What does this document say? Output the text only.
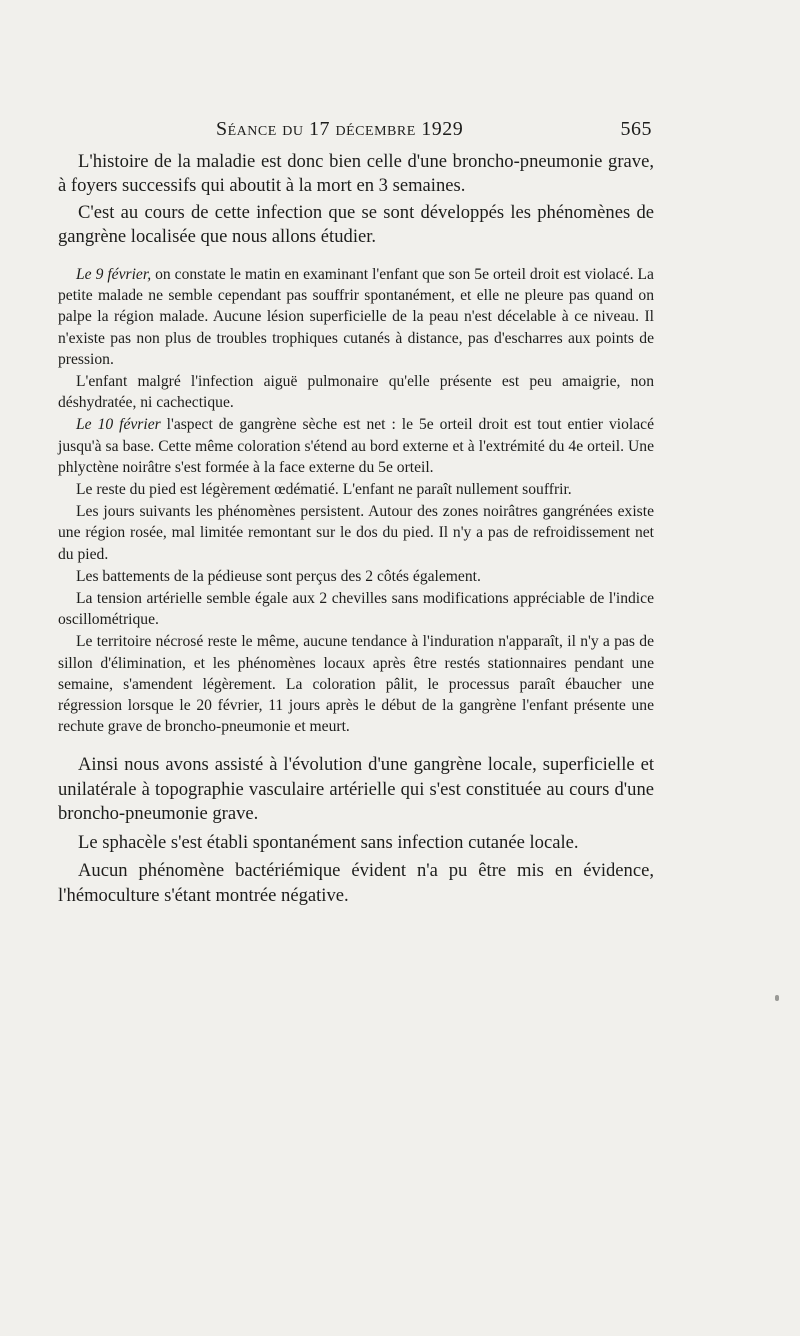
Séance du 17 décembre 1929	565

L'histoire de la maladie est donc bien celle d'une broncho-pneumonie grave, à foyers successifs qui aboutit à la mort en 3 semaines.

C'est au cours de cette infection que se sont développés les phénomènes de gangrène localisée que nous allons étudier.

Le 9 février, on constate le matin en examinant l'enfant que son 5e orteil droit est violacé. La petite malade ne semble cependant pas souffrir spontanément, et elle ne pleure pas quand on palpe la région malade. Aucune lésion superficielle de la peau n'est décelable à ce niveau. Il n'existe pas non plus de troubles trophiques cutanés à distance, pas d'escharres aux points de pression.

L'enfant malgré l'infection aiguë pulmonaire qu'elle présente est peu amaigrie, non déshydratée, ni cachectique.

Le 10 février l'aspect de gangrène sèche est net : le 5e orteil droit est tout entier violacé jusqu'à sa base. Cette même coloration s'étend au bord externe et à l'extrémité du 4e orteil. Une phlyctène noirâtre s'est formée à la face externe du 5e orteil.

Le reste du pied est légèrement œdématié. L'enfant ne paraît nullement souffrir.

Les jours suivants les phénomènes persistent. Autour des zones noirâtres gangrénées existe une région rosée, mal limitée remontant sur le dos du pied. Il n'y a pas de refroidissement net du pied.

Les battements de la pédieuse sont perçus des 2 côtés également.

La tension artérielle semble égale aux 2 chevilles sans modifications appréciable de l'indice oscillométrique.

Le territoire nécrosé reste le même, aucune tendance à l'induration n'apparaît, il n'y a pas de sillon d'élimination, et les phénomènes locaux après être restés stationnaires pendant une semaine, s'amendent légèrement. La coloration pâlit, le processus paraît ébaucher une régression lorsque le 20 février, 11 jours après le début de la gangrène l'enfant présente une rechute grave de broncho-pneumonie et meurt.

Ainsi nous avons assisté à l'évolution d'une gangrène locale, superficielle et unilatérale à topographie vasculaire artérielle qui s'est constituée au cours d'une broncho-pneumonie grave.

Le sphacèle s'est établi spontanément sans infection cutanée locale.

Aucun phénomène bactériémique évident n'a pu être mis en évidence, l'hémoculture s'étant montrée négative.
